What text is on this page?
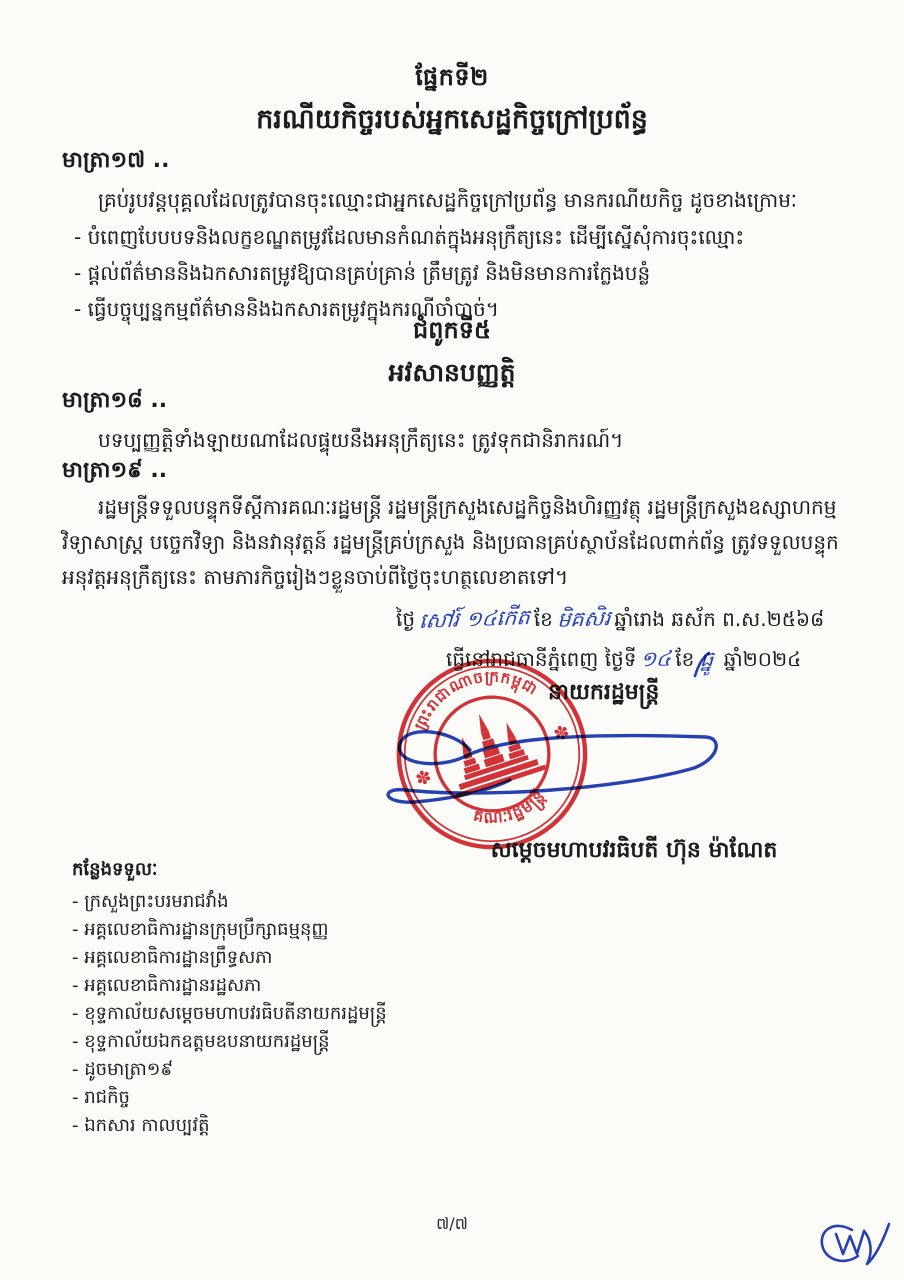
ផ្នែកទី២
ករណីយកិច្ចរបស់អ្នកសេដ្ឋកិច្ចក្រៅប្រព័ន្ធ
មាត្រា១៧ ..
គ្រប់រូបវន្តបុគ្គលដែលត្រូវបានចុះឈ្មោះជាអ្នកសេដ្ឋកិច្ចក្រៅប្រព័ន្ធ មានករណីយកិច្ច ដូចខាងក្រោមៈ
- បំពេញបែបបទនិងលក្ខខណ្ឌតម្រូវដែលមានកំណត់ក្នុងអនុក្រឹត្យនេះ ដើម្បីស្នើសុំការចុះឈ្មោះ
- ផ្តល់ព័ត៌មាននិងឯកសារតម្រូវឱ្យបានគ្រប់គ្រាន់ ត្រឹមត្រូវ និងមិនមានការក្លែងបន្លំ
- ធ្វើបច្ចុប្បន្នកម្មព័ត៌មាននិងឯកសារតម្រូវក្នុងករណីចាំបាច់។
ជំពូកទី៥
អវសានបញ្ញត្តិ
មាត្រា១៨ ..
បទប្បញ្ញត្តិទាំងឡាយណាដែលផ្ទុយនឹងអនុក្រឹត្យនេះ ត្រូវទុកជានិរាករណ៍។
មាត្រា១៩ ..
រដ្ឋមន្ត្រីទទួលបន្ទុកទីស្តីការគណៈរដ្ឋមន្ត្រី រដ្ឋមន្ត្រីក្រសួងសេដ្ឋកិច្ចនិងហិរញ្ញវត្ថុ រដ្ឋមន្ត្រីក្រសួងឧស្សាហកម្ម វិទ្យាសាស្ត្រ បច្ចេកវិទ្យា និងនវានុវត្តន៍ រដ្ឋមន្ត្រីគ្រប់ក្រសួង និងប្រធានគ្រប់ស្ថាប័នដែលពាក់ព័ន្ធ ត្រូវទទួលបន្ទុកអនុវត្តអនុក្រឹត្យនេះ តាមភារកិច្ចរៀងៗខ្លួនចាប់ពីថ្ងៃចុះហត្ថលេខាតទៅ។
ថ្ងៃ សៅរ៍ ១៤កើត ខែ មិគសិរ ឆ្នាំរោង ឆស័ក ព.ស.២៥៦៨
ធ្វើនៅរាជធានីភ្នំពេញ ថ្ងៃទី ១៤ ខែ ធ្នូ ឆ្នាំ២០២៤
នាយករដ្ឋមន្ត្រី
ព្រះរាជាណាចក្រកម្ពុជា
គណៈរដ្ឋមន្ត្រី
✽
✽
សម្តេចមហាបវរធិបតី ហ៊ុន ម៉ាណែត
កន្លែងទទួលៈ
- ក្រសួងព្រះបរមរាជវាំង
- អគ្គលេខាធិការដ្ឋានក្រុមប្រឹក្សាធម្មនុញ្ញ
- អគ្គលេខាធិការដ្ឋានព្រឹទ្ធសភា
- អគ្គលេខាធិការដ្ឋានរដ្ឋសភា
- ខុទ្ទកាល័យសម្តេចមហាបវរធិបតីនាយករដ្ឋមន្ត្រី
- ខុទ្ទកាល័យឯកឧត្តមឧបនាយករដ្ឋមន្ត្រី
- ដូចមាត្រា១៩
- រាជកិច្ច
- ឯកសារ កាលប្បវត្តិ
៧/៧
